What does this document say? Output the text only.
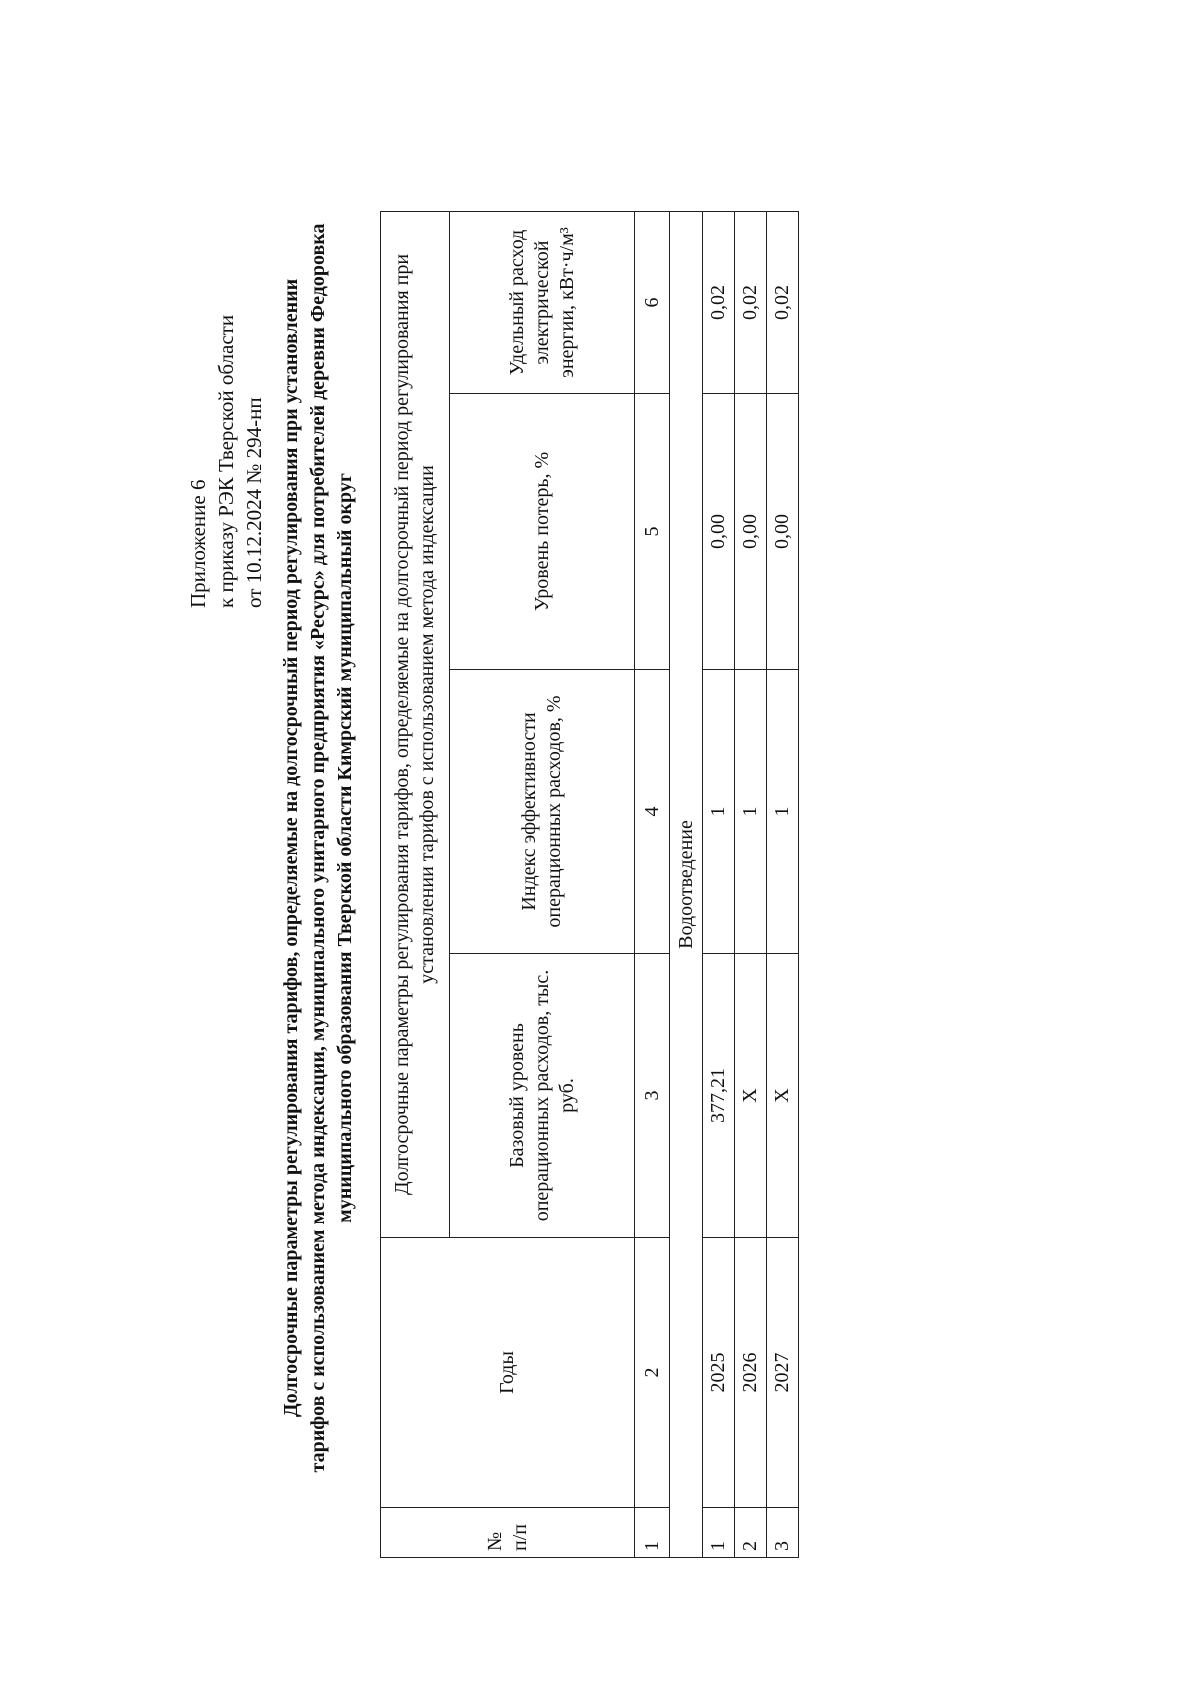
Приложение 6 к приказу РЭК Тверской области от 10.12.2024 № 294-нп Долгосрочные параметры регулирования тарифов, определяемые на долгосрочный период регулирования при установлении тарифов с использованием метода индексации, муниципального унитарного предприятия «Ресурс» для потребителей деревни Федоровка муниципального образования Тверской области Кимрский муниципальный округ
№ п/п	Годы	Долгосрочные параметры регулирования тарифов, определяемые на долгосрочный период регулирования при установлении тарифов с использованием метода индексации			
		Базовый уровень операционных расходов, тыс. руб.	Индекс эффективности операционных расходов, %	Уровень потерь, %	Удельный расход электрической энергии, кВт·ч/м³
1	2	3	4	5	6
Водоотведение					
1	2025	377,21	1	0,00	0,02
2	2026	X	1	0,00	0,02
3	2027	X	1	0,00	0,02
